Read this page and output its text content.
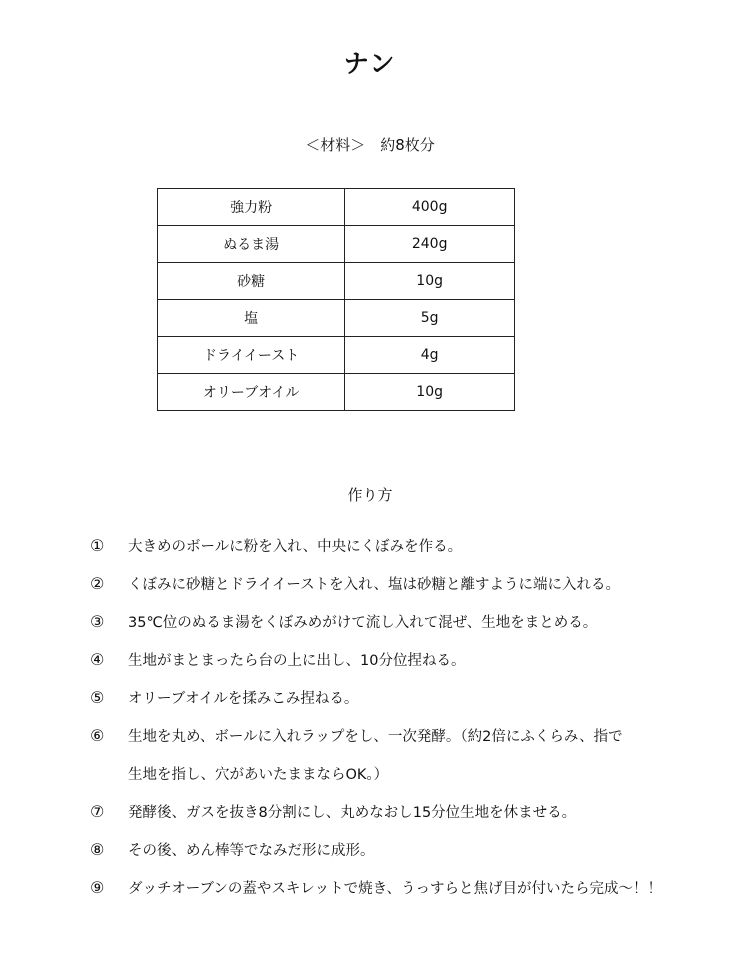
ナン
＜材料＞　約8枚分
強力粉	400g
ぬるま湯	240g
砂糖	10g
塩	5g
ドライイースト	4g
オリーブオイル	10g
作り方
①	大きめのボールに粉を入れ、中央にくぼみを作る。
②	くぼみに砂糖とドライイーストを入れ、塩は砂糖と離すように端に入れる。
③	35℃位のぬるま湯をくぼみめがけて流し入れて混ぜ、生地をまとめる。
④	生地がまとまったら台の上に出し、10分位捏ねる。
⑤	オリーブオイルを揉みこみ捏ねる。
⑥	生地を丸め、ボールに入れラップをし、一次発酵。（約2倍にふくらみ、指で
生地を指し、穴があいたままならOK。）
⑦	発酵後、ガスを抜き8分割にし、丸めなおし15分位生地を休ませる。
⑧	その後、めん棒等でなみだ形に成形。
⑨	ダッチオーブンの蓋やスキレットで焼き、うっすらと焦げ目が付いたら完成～！！
